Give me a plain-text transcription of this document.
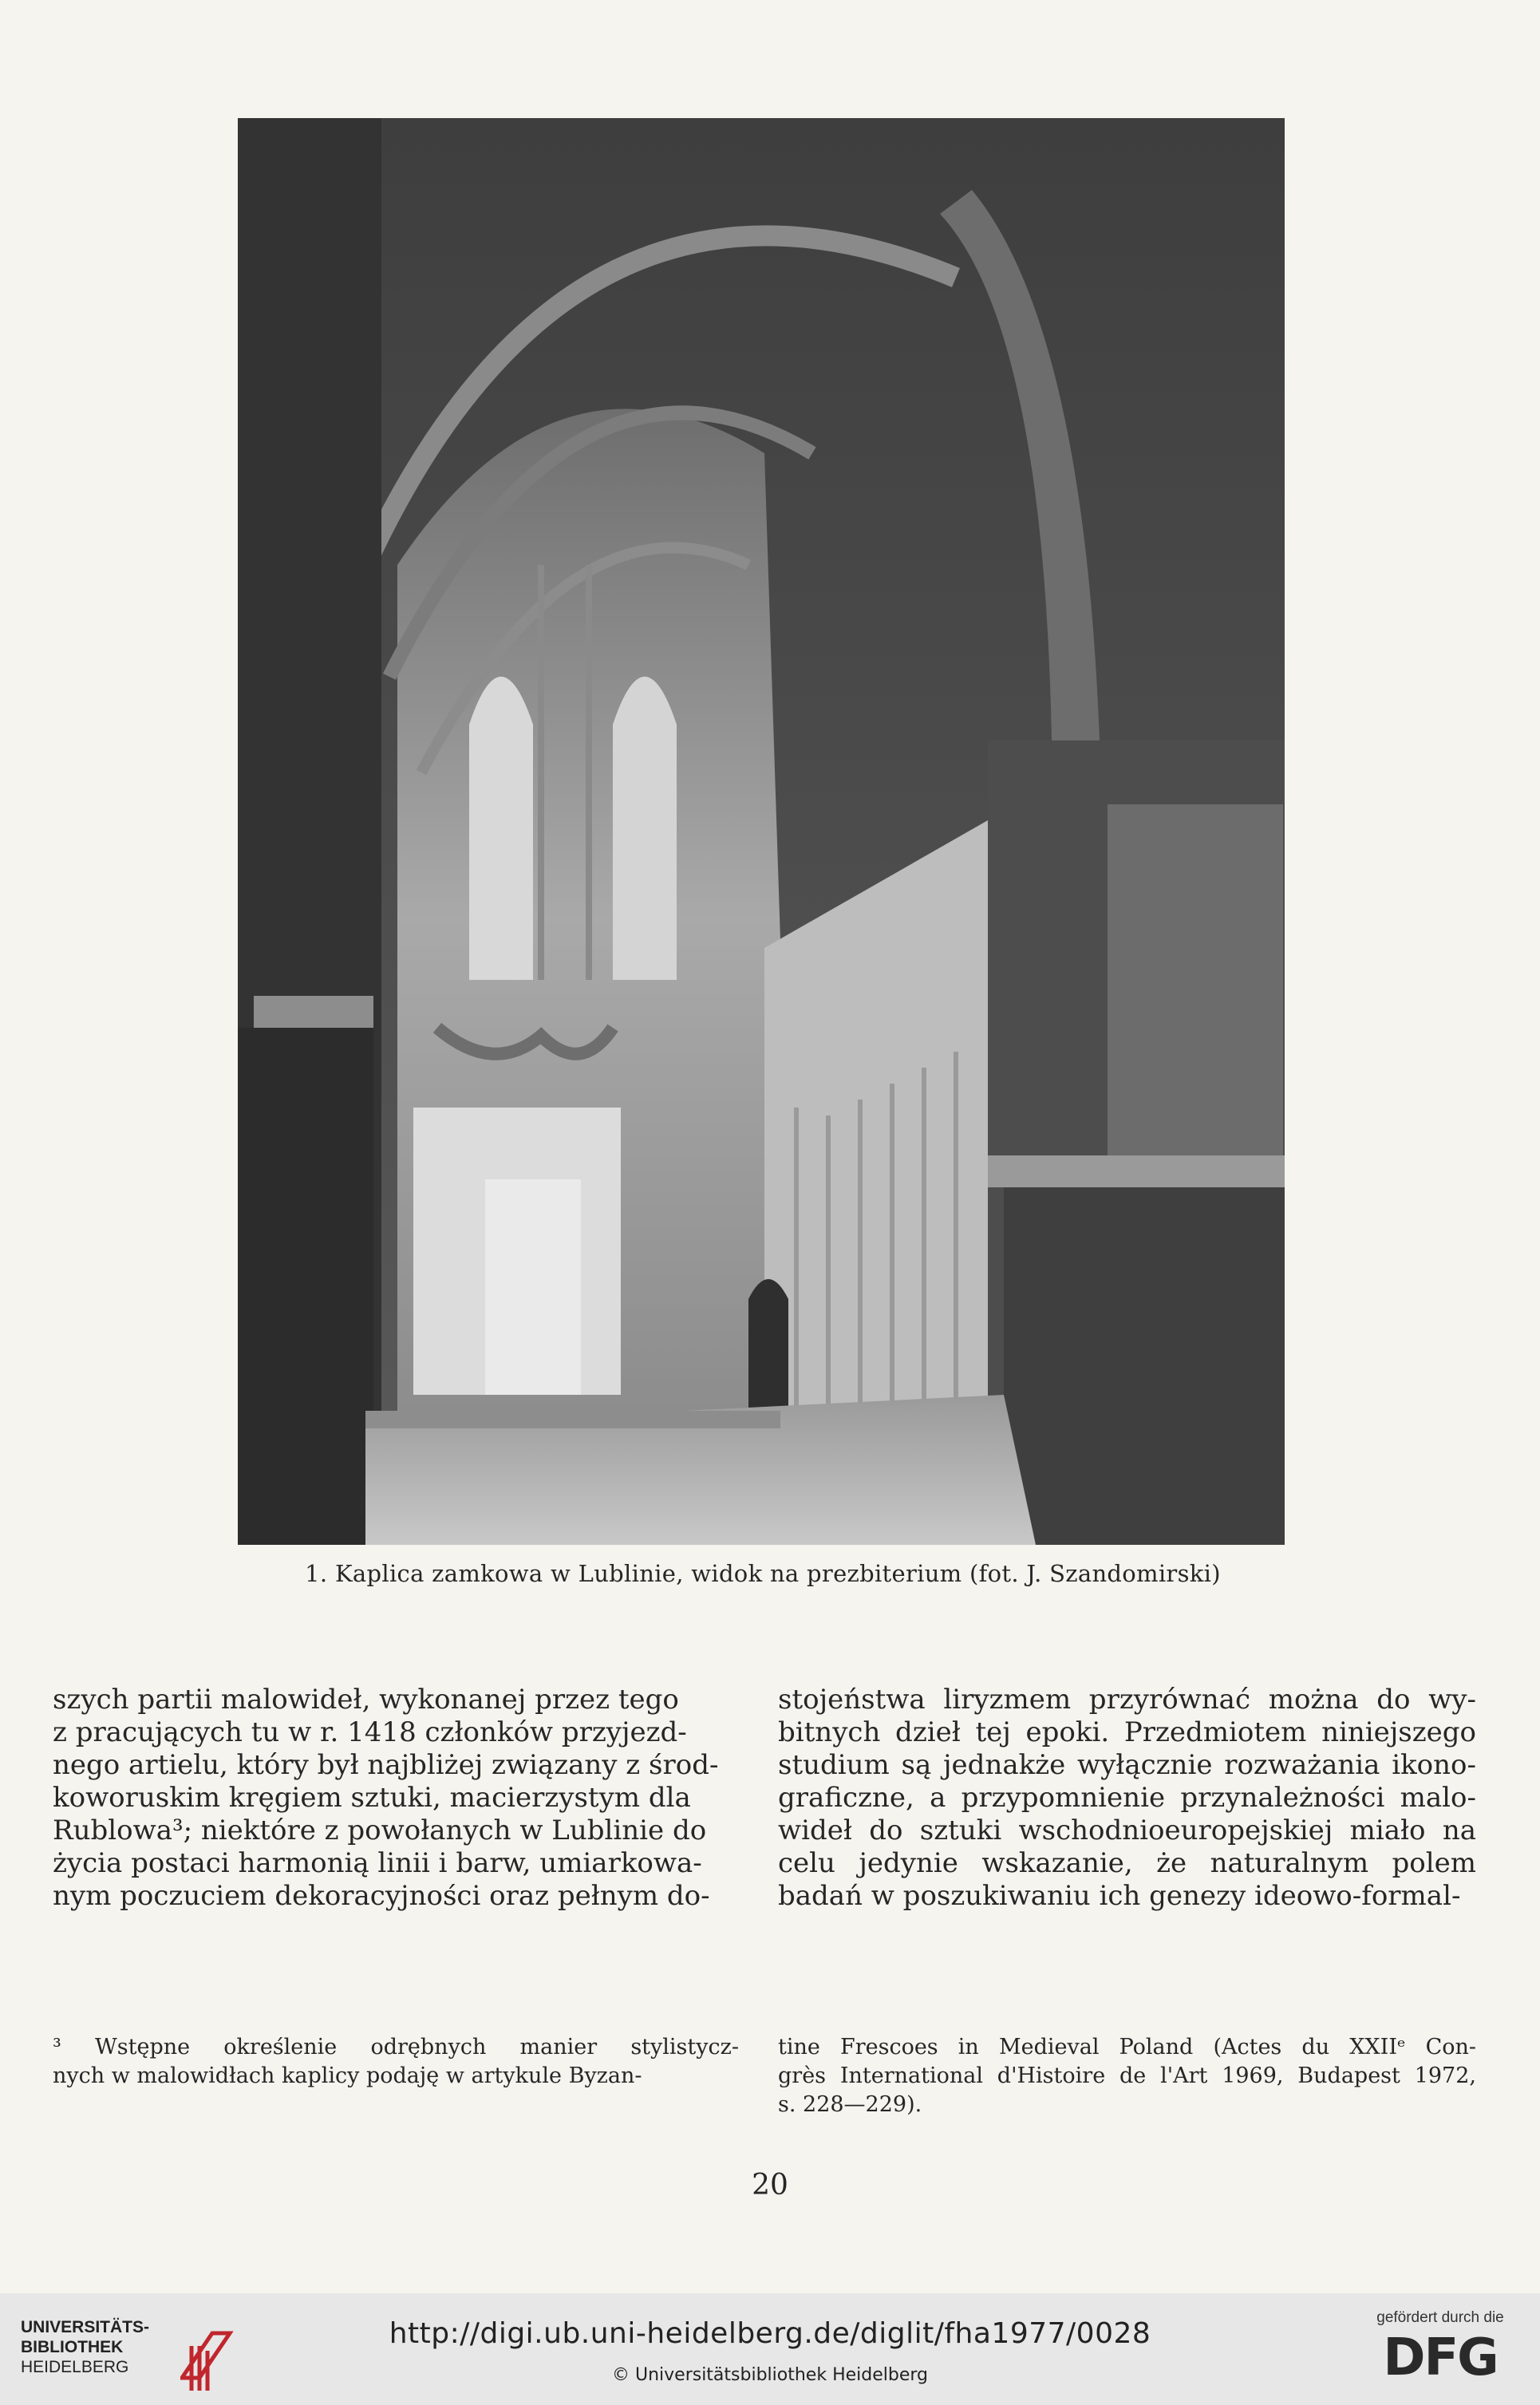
1. Kaplica zamkowa w Lublinie, widok na prezbiterium (fot. J. Szandomirski)
szych partii malowideł, wykonanej przez tego
z pracujących tu w r. 1418 członków przyjezd-
nego artielu, który był najbliżej związany z środ-
koworuskim kręgiem sztuki, macierzystym dla
Rublowa³; niektóre z powołanych w Lublinie do
życia postaci harmonią linii i barw, umiarkowa-
nym poczuciem dekoracyjności oraz pełnym do-
stojeństwa liryzmem przyrównać można do wy-
bitnych dzieł tej epoki. Przedmiotem niniejszego
studium są jednakże wyłącznie rozważania ikono-
graficzne, a przypomnienie przynależności malo-
wideł do sztuki wschodnioeuropejskiej miało na
celu jedynie wskazanie, że naturalnym polem
badań w poszukiwaniu ich genezy ideowo-formal-
³ Wstępne określenie odrębnych manier stylistycz-
nych w malowidłach kaplicy podaję w artykule Byzan-
tine Frescoes in Medieval Poland (Actes du XXIIᵉ Con-
grès International d'Histoire de l'Art 1969, Budapest 1972,
s. 228—229).
20
UNIVERSITÄTS-
BIBLIOTHEK
HEIDELBERG
http://digi.ub.uni-heidelberg.de/diglit/fha1977/0028
© Universitätsbibliothek Heidelberg
gefördert durch die
DFG
